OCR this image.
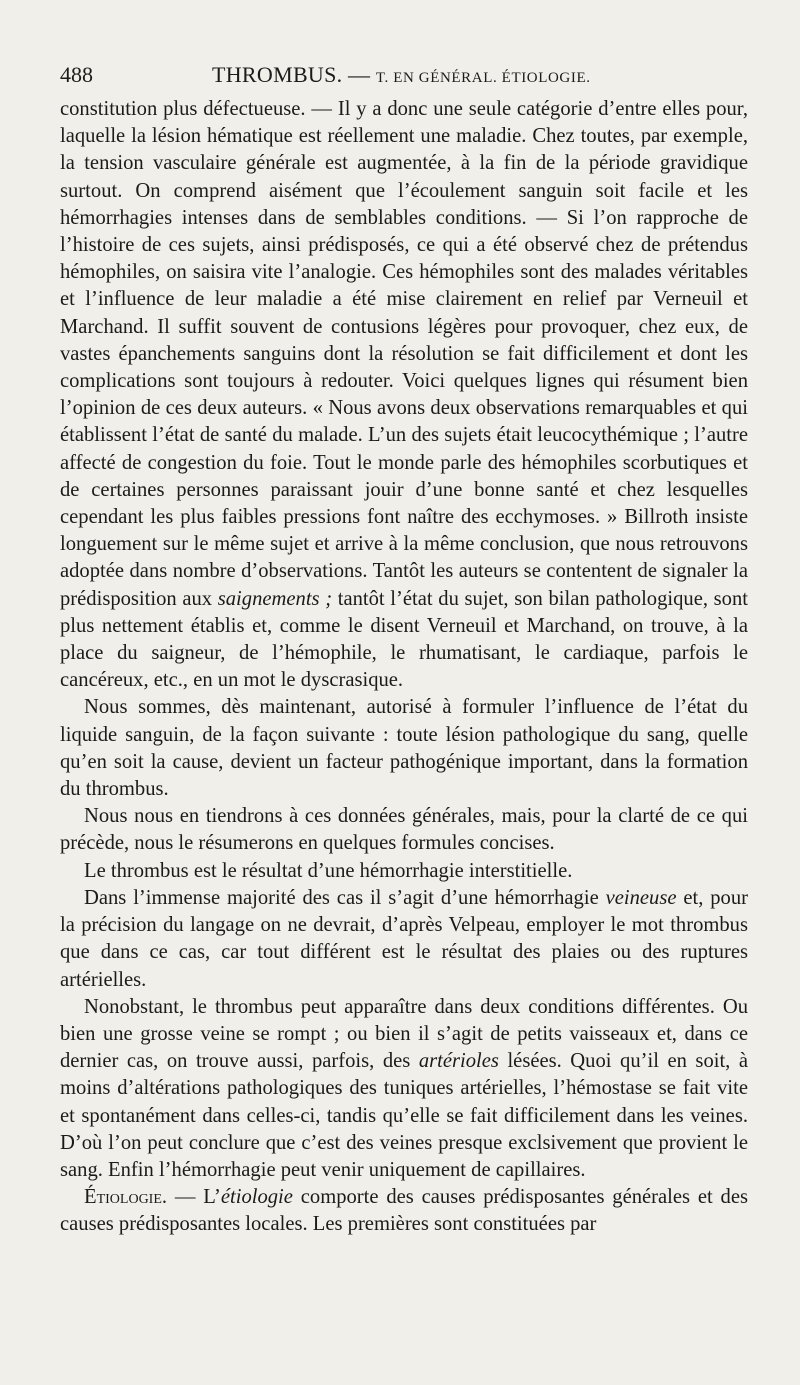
488	THROMBUS. — T. EN GÉNÉRAL. ÉTIOLOGIE.

constitution plus défectueuse. — Il y a donc une seule catégorie d’entre elles pour, laquelle la lésion hématique est réellement une maladie. Chez toutes, par exemple, la tension vasculaire générale est augmentée, à la fin de la période gravidique surtout. On comprend aisément que l’écoulement sanguin soit facile et les hémorrhagies intenses dans de semblables conditions. — Si l’on rapproche de l’histoire de ces sujets, ainsi prédisposés, ce qui a été observé chez de prétendus hémophiles, on saisira vite l’analogie. Ces hémophiles sont des malades véritables et l’influence de leur maladie a été mise clairement en relief par Verneuil et Marchand. Il suffit souvent de contusions légères pour provoquer, chez eux, de vastes épanchements sanguins dont la résolution se fait difficilement et dont les complications sont toujours à redouter. Voici quelques lignes qui résument bien l’opinion de ces deux auteurs. « Nous avons deux observations remarquables et qui établissent l’état de santé du malade. L’un des sujets était leucocythémique ; l’autre affecté de congestion du foie. Tout le monde parle des hémophiles scorbutiques et de certaines personnes paraissant jouir d’une bonne santé et chez lesquelles cependant les plus faibles pressions font naître des ecchymoses. » Billroth insiste longuement sur le même sujet et arrive à la même conclusion, que nous retrouvons adoptée dans nombre d’observations. Tantôt les auteurs se contentent de signaler la prédisposition aux saignements ; tantôt l’état du sujet, son bilan pathologique, sont plus nettement établis et, comme le disent Verneuil et Marchand, on trouve, à la place du saigneur, de l’hémophile, le rhumatisant, le cardiaque, parfois le cancéreux, etc., en un mot le dyscrasique.

Nous sommes, dès maintenant, autorisé à formuler l’influence de l’état du liquide sanguin, de la façon suivante : toute lésion pathologique du sang, quelle qu’en soit la cause, devient un facteur pathogénique important, dans la formation du thrombus.

Nous nous en tiendrons à ces données générales, mais, pour la clarté de ce qui précède, nous le résumerons en quelques formules concises.

Le thrombus est le résultat d’une hémorrhagie interstitielle.

Dans l’immense majorité des cas il s’agit d’une hémorrhagie veineuse et, pour la précision du langage on ne devrait, d’après Velpeau, employer le mot thrombus que dans ce cas, car tout différent est le résultat des plaies ou des ruptures artérielles.

Nonobstant, le thrombus peut apparaître dans deux conditions différentes. Ou bien une grosse veine se rompt ; ou bien il s’agit de petits vaisseaux et, dans ce dernier cas, on trouve aussi, parfois, des artérioles lésées. Quoi qu’il en soit, à moins d’altérations pathologiques des tuniques artérielles, l’hémostase se fait vite et spontanément dans celles-ci, tandis qu’elle se fait difficilement dans les veines. D’où l’on peut conclure que c’est des veines presque exclsivement que provient le sang. Enfin l’hémorrhagie peut venir uniquement de capillaires.

Étiologie. — L’étiologie comporte des causes prédisposantes générales et des causes prédisposantes locales. Les premières sont constituées par
